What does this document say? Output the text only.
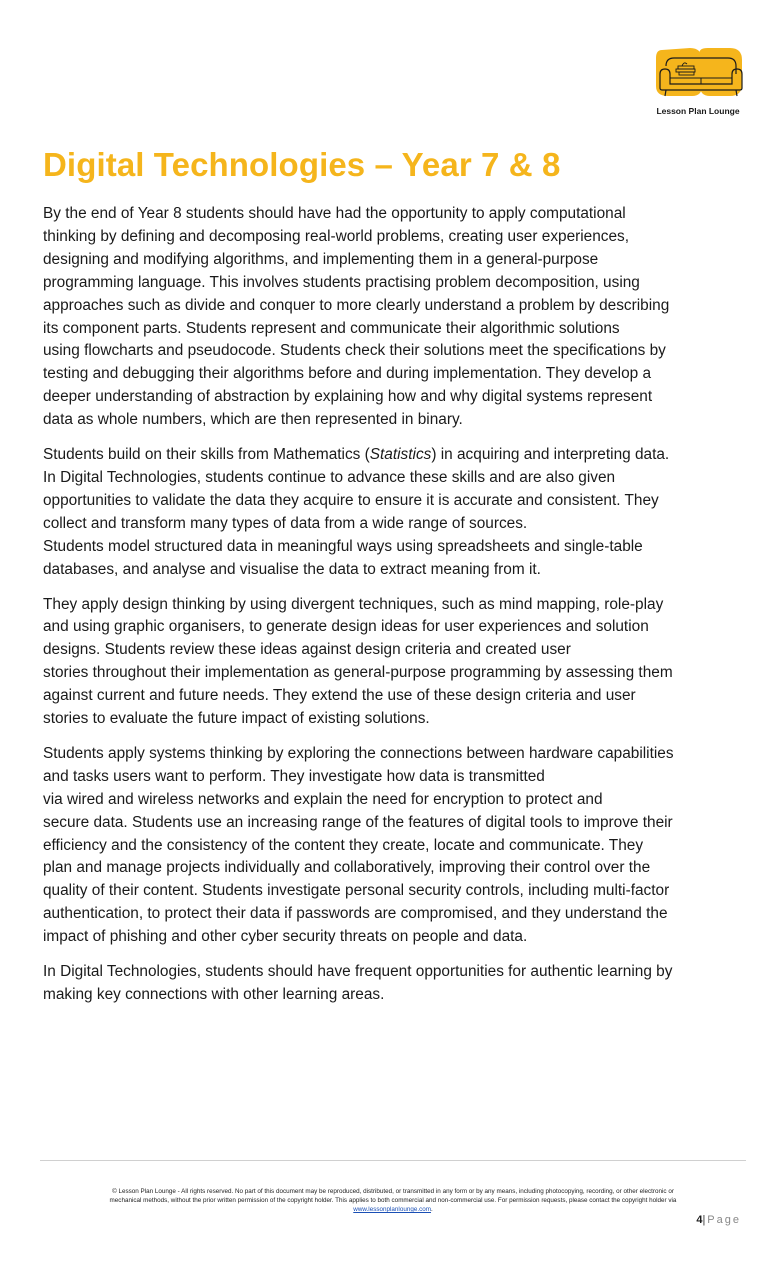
Lesson Plan Lounge
Digital Technologies – Year 7 & 8

By the end of Year 8 students should have had the opportunity to apply computational
thinking by defining and decomposing real-world problems, creating user experiences,
designing and modifying algorithms, and implementing them in a general-purpose
programming language. This involves students practising problem decomposition, using
approaches such as divide and conquer to more clearly understand a problem by describing
its component parts. Students represent and communicate their algorithmic solutions
using flowcharts and pseudocode. Students check their solutions meet the specifications by
testing and debugging their algorithms before and during implementation. They develop a
deeper understanding of abstraction by explaining how and why digital systems represent
data as whole numbers, which are then represented in binary.

Students build on their skills from Mathematics (Statistics) in acquiring and interpreting data.
In Digital Technologies, students continue to advance these skills and are also given
opportunities to validate the data they acquire to ensure it is accurate and consistent. They
collect and transform many types of data from a wide range of sources.
Students model structured data in meaningful ways using spreadsheets and single-table
databases, and analyse and visualise the data to extract meaning from it.

They apply design thinking by using divergent techniques, such as mind mapping, role-play
and using graphic organisers, to generate design ideas for user experiences and solution
designs. Students review these ideas against design criteria and created user
stories throughout their implementation as general-purpose programming by assessing them
against current and future needs. They extend the use of these design criteria and user
stories to evaluate the future impact of existing solutions.

Students apply systems thinking by exploring the connections between hardware capabilities
and tasks users want to perform. They investigate how data is transmitted
via wired and wireless networks and explain the need for encryption to protect and
secure data. Students use an increasing range of the features of digital tools to improve their
efficiency and the consistency of the content they create, locate and communicate. They
plan and manage projects individually and collaboratively, improving their control over the
quality of their content. Students investigate personal security controls, including multi-factor
authentication, to protect their data if passwords are compromised, and they understand the
impact of phishing and other cyber security threats on people and data.

In Digital Technologies, students should have frequent opportunities for authentic learning by
making key connections with other learning areas.

© Lesson Plan Lounge - All rights reserved. No part of this document may be reproduced, distributed, or transmitted in any form or by any means, including photocopying, recording, or other electronic or
mechanical methods, without the prior written permission of the copyright holder. This applies to both commercial and non-commercial use. For permission requests, please contact the copyright holder via
www.lessonplanlounge.com.
4|Page
